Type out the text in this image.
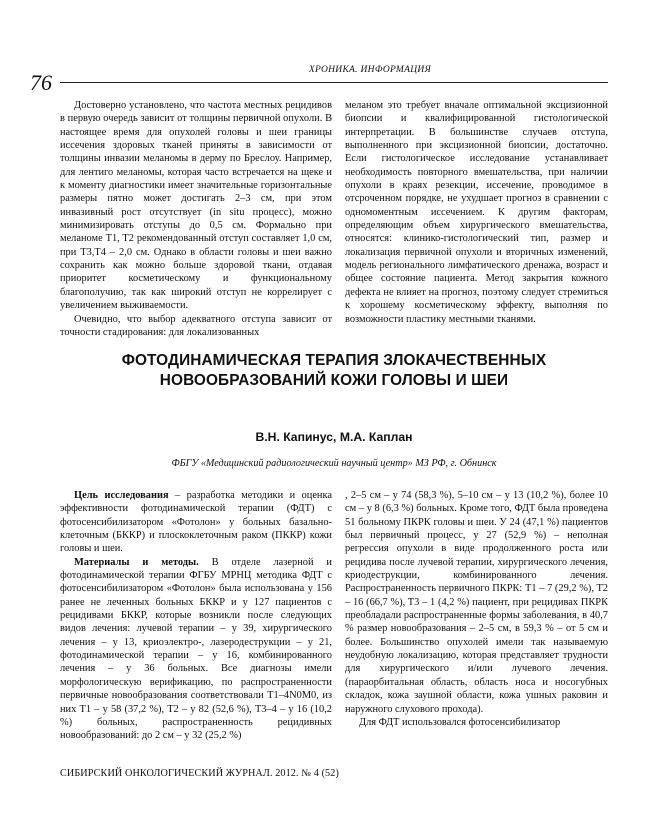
76	ХРОНИКА. ИНФОРМАЦИЯ

Достоверно установлено, что частота местных рецидивов в первую очередь зависит от толщины первичной опухоли. В настоящее время для опухолей головы и шеи границы иссечения здоровых тканей приняты в зависимости от толщины инвазии меланомы в дерму по Бреслоу. Например, для лентиго меланомы, которая часто встречается на щеке и к моменту диагностики имеет значительные горизонтальные размеры пятно может достигать 2–3 см, при этом инвазивный рост отсутствует (in situ процесс), можно минимизировать отступы до 0,5 см. Формально при меланоме T1, T2 рекомендованный отступ составляет 1,0 см, при T3,T4 – 2,0 см. Однако в области головы и шеи важно сохранить как можно больше здоровой ткани, отдавая приоритет косметическому и функциональному благополучию, так как широкий отступ не коррелирует с увеличением выживаемости.

Очевидно, что выбор адекватного отступа зависит от точности стадирования: для локализованных

меланом это требует вначале оптимальной эксцизионной биопсии и квалифицированной гистологической интерпретации. В большинстве случаев отступа, выполненного при эксцизионной биопсии, достаточно. Если гистологическое исследование устанавливает необходимость повторного вмешательства, при наличии опухоли в краях резекции, иссечение, проводимое в отсроченном порядке, не ухудшает прогноз в сравнении с одномоментным иссечением. К другим факторам, определяющим объем хирургического вмешательства, относятся: клинико-гистологический тип, размер и локализация первичной опухоли и вторичных изменений, модель регионального лимфатического дренажа, возраст и общее состояние пациента. Метод закрытия кожного дефекта не влияет на прогноз, поэтому следует стремиться к хорошему косметическому эффекту, выполняя по возможности пластику местными тканями.

ФОТОДИНАМИЧЕСКАЯ ТЕРАПИЯ ЗЛОКАЧЕСТВЕННЫХ НОВООБРАЗОВАНИЙ КОЖИ ГОЛОВЫ И ШЕИ
В.Н. Капинус, М.А. Каплан
ФБГУ «Медицинский радиологический научный центр» МЗ РФ, г. Обнинск

Цель исследования – разработка методики и оценка эффективности фотодинамической терапии (ФДТ) с фотосенсибилизатором «Фотолон» у больных базально-клеточным (БККР) и плоскоклеточным раком (ПККР) кожи головы и шеи.

Материалы и методы. В отделе лазерной и фотодинамической терапии ФГБУ МРНЦ методика ФДТ с фотосенсибилизатором «Фотолон» была использована у 156 ранее не леченных больных БККР и у 127 пациентов с рецидивами БККР, которые возникли после следующих видов лечения: лучевой терапии – у 39, хирургического лечения – у 13, криоэлектро-, лазеродеструкции – у 21, фотодинамической терапии – у 16, комбинированного лечения – у 36 больных. Все диагнозы имели морфологическую верификацию, по распространенности первичные новообразования соответствовали T1–4N0M0, из них T1 – у 58 (37,2 %), T2 – у 82 (52,6 %), T3–4 – у 16 (10,2 %) больных, распространенность рецидивных новообразований: до 2 см – у 32 (25,2 %)

, 2–5 см – у 74 (58,3 %), 5–10 см – у 13 (10,2 %), более 10 см – у 8 (6,3 %) больных. Кроме того, ФДТ была проведена 51 больному ПКРК головы и шеи. У 24 (47,1 %) пациентов был первичный процесс, у 27 (52,9 %) – неполная регрессия опухоли в виде продолженного роста или рецидива после лучевой терапии, хирургического лечения, криодеструкции, комбинированного лечения. Распространенность первичного ПКРК: T1 – 7 (29,2 %), T2 – 16 (66,7 %), T3 – 1 (4,2 %) пациент, при рецидивах ПКРК преобладали распространенные формы заболевания, в 40,7 % размер новообразования – 2–5 см, в 59,3 % – от 5 см и более. Большинство опухолей имели так называемую неудобную локализацию, которая представляет трудности для хирургического и/или лучевого лечения. (параорбитальная область, область носа и носогубных складок, кожа заушной области, кожа ушных раковин и наружного слухового прохода).

Для ФДТ использовался фотосенсибилизатор

СИБИРСКИЙ ОНКОЛОГИЧЕСКИЙ ЖУРНАЛ. 2012. № 4 (52)
